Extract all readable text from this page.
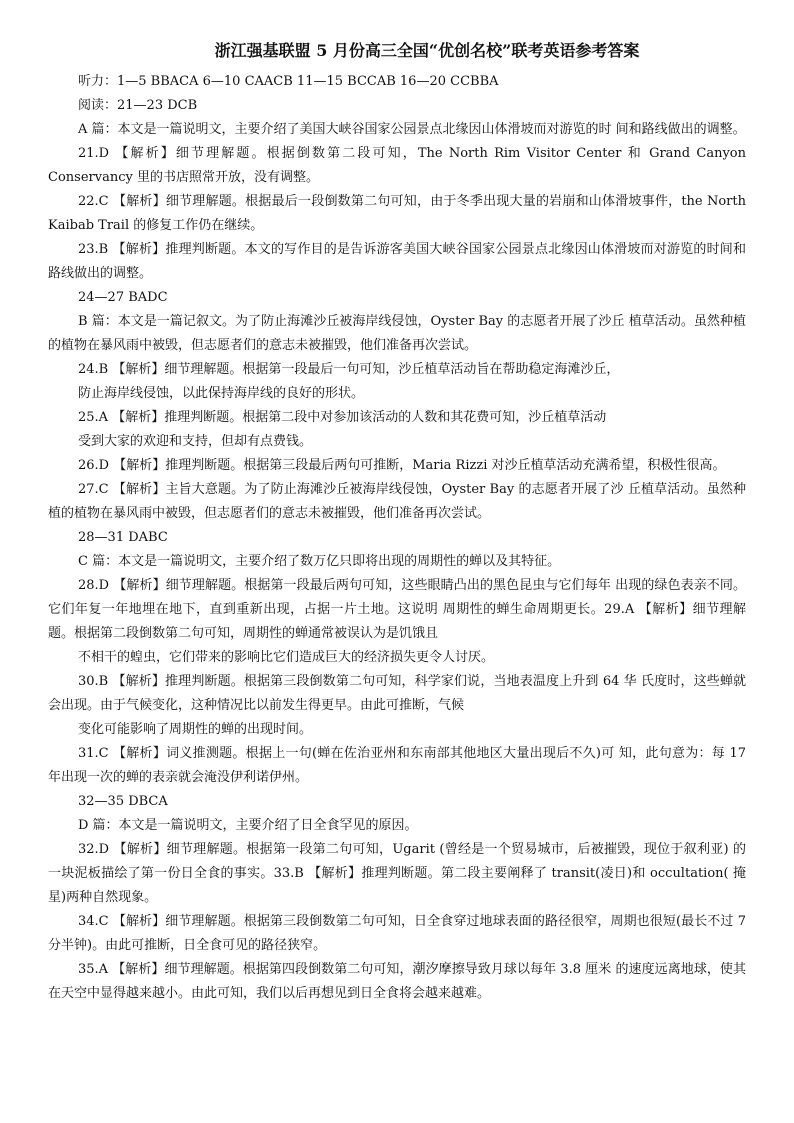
浙江强基联盟 5 月份高三全国“优创名校”联考英语参考答案

听力：1—5 BBACA 6—10 CAACB 11—15 BCCAB 16—20 CCBBA

阅读：21—23 DCB

A 篇：本文是一篇说明文，主要介绍了美国大峡谷国家公园景点北缘因山体滑坡而对游览的时 间和路线做出的调整。

21.D 【解析】细节理解题。根据倒数第二段可知，The North Rim Visitor Center 和 Grand Canyon Conservancy 里的书店照常开放，没有调整。

22.C 【解析】细节理解题。根据最后一段倒数第二句可知，由于冬季出现大量的岩崩和山体滑坡事件，the North Kaibab Trail 的修复工作仍在继续。

23.B 【解析】推理判断题。本文的写作目的是告诉游客美国大峡谷国家公园景点北缘因山体滑坡而对游览的时间和路线做出的调整。

24—27 BADC

B 篇：本文是一篇记叙文。为了防止海滩沙丘被海岸线侵蚀，Oyster Bay 的志愿者开展了沙丘 植草活动。虽然种植的植物在暴风雨中被毁，但志愿者们的意志未被摧毁，他们准备再次尝试。

24.B 【解析】细节理解题。根据第一段最后一句可知，沙丘植草活动旨在帮助稳定海滩沙丘，

防止海岸线侵蚀，以此保持海岸线的良好的形状。

25.A 【解析】推理判断题。根据第二段中对参加该活动的人数和其花费可知，沙丘植草活动

受到大家的欢迎和支持，但却有点费钱。

26.D 【解析】推理判断题。根据第三段最后两句可推断，Maria Rizzi 对沙丘植草活动充满希望，积极性很高。

27.C 【解析】主旨大意题。为了防止海滩沙丘被海岸线侵蚀，Oyster Bay 的志愿者开展了沙 丘植草活动。虽然种植的植物在暴风雨中被毁，但志愿者们的意志未被摧毁，他们准备再次尝试。

28—31 DABC

C 篇：本文是一篇说明文，主要介绍了数万亿只即将出现的周期性的蝉以及其特征。

28.D 【解析】细节理解题。根据第一段最后两句可知，这些眼睛凸出的黑色昆虫与它们每年 出现的绿色表亲不同。它们年复一年地埋在地下，直到重新出现，占据一片土地。这说明 周期性的蝉生命周期更长。29.A 【解析】细节理解题。根据第二段倒数第二句可知，周期性的蝉通常被误认为是饥饿且

不相干的蝗虫，它们带来的影响比它们造成巨大的经济损失更令人讨厌。

30.B 【解析】推理判断题。根据第三段倒数第二句可知，科学家们说，当地表温度上升到 64 华 氏度时，这些蝉就会出现。由于气候变化，这种情况比以前发生得更早。由此可推断，气候

变化可能影响了周期性的蝉的出现时间。

31.C 【解析】词义推测题。根据上一句(蝉在佐治亚州和东南部其他地区大量出现后不久)可 知，此句意为：每 17 年出现一次的蝉的表亲就会淹没伊利诺伊州。

32—35 DBCA

D 篇：本文是一篇说明文，主要介绍了日全食罕见的原因。

32.D 【解析】细节理解题。根据第一段第二句可知，Ugarit (曾经是一个贸易城市，后被摧毁，现位于叙利亚) 的一块泥板描绘了第一份日全食的事实。33.B 【解析】推理判断题。第二段主要阐释了 transit(凌日)和 occultation( 掩星)两种自然现象。

34.C 【解析】细节理解题。根据第三段倒数第二句可知，日全食穿过地球表面的路径很窄，周期也很短(最长不过 7 分半钟)。由此可推断，日全食可见的路径狭窄。

35.A 【解析】细节理解题。根据第四段倒数第二句可知，潮汐摩擦导致月球以每年 3.8 厘米 的速度远离地球，使其在天空中显得越来越小。由此可知，我们以后再想见到日全食将会越来越难。
